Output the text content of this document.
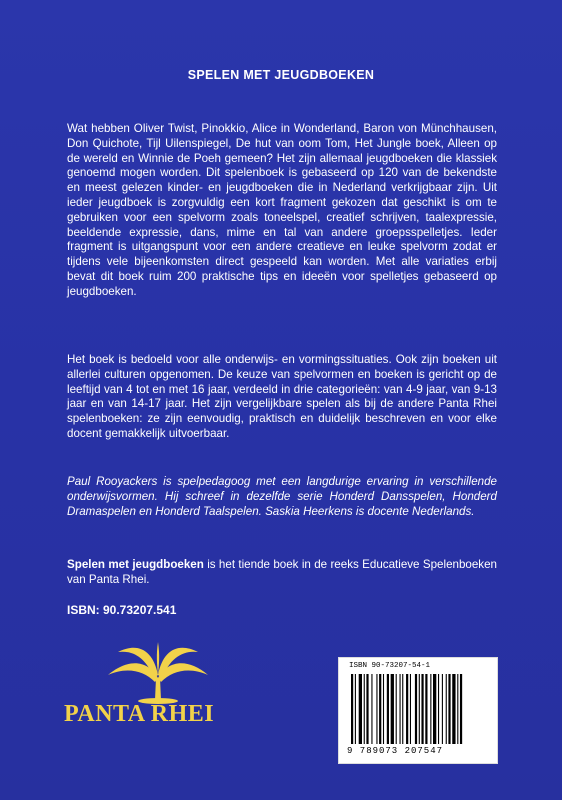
SPELEN MET JEUGDBOEKEN

Wat hebben Oliver Twist, Pinokkio, Alice in Wonderland, Baron von Münchhausen, Don Quichote, Tijl Uilenspiegel, De hut van oom Tom, Het Jungle boek, Alleen op de wereld en Winnie de Poeh gemeen? Het zijn allemaal jeugdboeken die klassiek genoemd mogen worden. Dit spelenboek is gebaseerd op 120 van de bekendste en meest gelezen kinder- en jeugdboeken die in Nederland verkrijgbaar zijn. Uit ieder jeugdboek is zorgvuldig een kort fragment gekozen dat geschikt is om te gebruiken voor een spelvorm zoals toneelspel, creatief schrijven, taalexpressie, beeldende expressie, dans, mime en tal van andere groepsspelletjes. Ieder fragment is uitgangspunt voor een andere creatieve en leuke spelvorm zodat er tijdens vele bijeenkomsten direct gespeeld kan worden. Met alle variaties erbij bevat dit boek ruim 200 praktische tips en ideeën voor spelletjes gebaseerd op jeugdboeken.

Het boek is bedoeld voor alle onderwijs- en vormingssituaties. Ook zijn boeken uit allerlei culturen opgenomen. De keuze van spelvormen en boeken is gericht op de leeftijd van 4 tot en met 16 jaar, verdeeld in drie categorieën: van 4-9 jaar, van 9-13 jaar en van 14-17 jaar. Het zijn vergelijkbare spelen als bij de andere Panta Rhei spelenboeken: ze zijn eenvoudig, praktisch en duidelijk beschreven en voor elke docent gemakkelijk uitvoerbaar.

Paul Rooyackers is spelpedagoog met een langdurige ervaring in verschillende onderwijsvormen. Hij schreef in dezelfde serie Honderd Dansspelen, Honderd Dramaspelen en Honderd Taalspelen. Saskia Heerkens is docente Nederlands.

Spelen met jeugdboeken is het tiende boek in de reeks Educatieve Spelenboeken van Panta Rhei.

ISBN: 90.73207.541
PANTA RHEI
ISBN 90-73207-54-1
9 789073 207547
